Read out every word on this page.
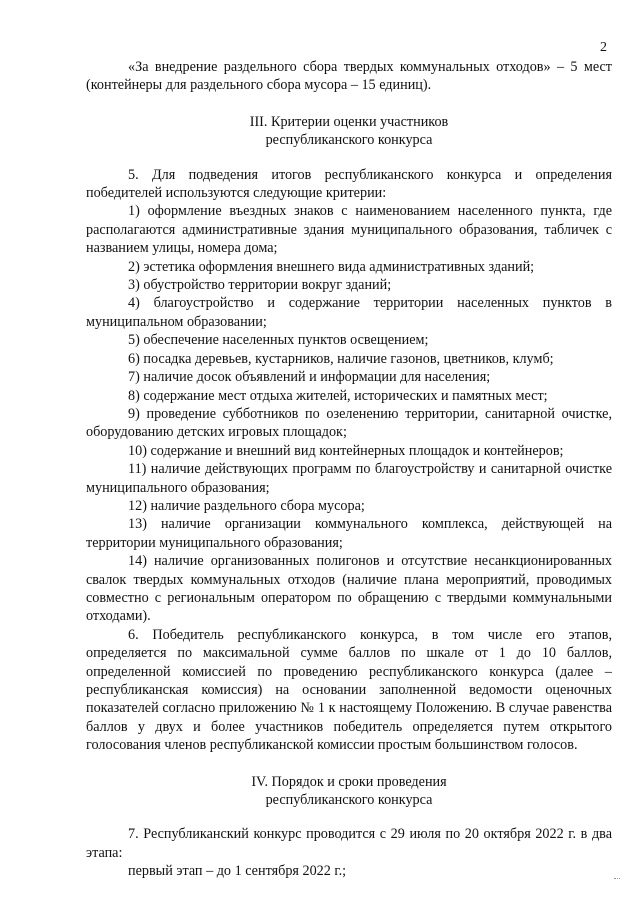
2

«За внедрение раздельного сбора твердых коммунальных отходов» – 5 мест (контейнеры для раздельного сбора мусора – 15 единиц).

III. Критерии оценки участников
республиканского конкурса

5. Для подведения итогов республиканского конкурса и определения победителей используются следующие критерии:

1) оформление въездных знаков с наименованием населенного пункта, где располагаются административные здания муниципального образования, табличек с названием улицы, номера дома;

2) эстетика оформления внешнего вида административных зданий;

3) обустройство территории вокруг зданий;

4) благоустройство и содержание территории населенных пунктов в муниципальном образовании;

5) обеспечение населенных пунктов освещением;

6) посадка деревьев, кустарников, наличие газонов, цветников, клумб;

7) наличие досок объявлений и информации для населения;

8) содержание мест отдыха жителей, исторических и памятных мест;

9) проведение субботников по озеленению территории, санитарной очистке, оборудованию детских игровых площадок;

10) содержание и внешний вид контейнерных площадок и контейнеров;

11) наличие действующих программ по благоустройству и санитарной очистке муниципального образования;

12) наличие раздельного сбора мусора;

13) наличие организации коммунального комплекса, действующей на территории муниципального образования;

14) наличие организованных полигонов и отсутствие несанкционированных свалок твердых коммунальных отходов (наличие плана мероприятий, проводимых совместно с региональным оператором по обращению с твердыми коммунальными отходами).

6. Победитель республиканского конкурса, в том числе его этапов, определяется по максимальной сумме баллов по шкале от 1 до 10 баллов, определенной комиссией по проведению республиканского конкурса (далее – республиканская комиссия) на основании заполненной ведомости оценочных показателей согласно приложению № 1 к настоящему Положению. В случае равенства баллов у двух и более участников победитель определяется путем открытого голосования членов республиканской комиссии простым большинством голосов.

IV. Порядок и сроки проведения
республиканского конкурса

7. Республиканский конкурс проводится с 29 июля по 20 октября 2022 г. в два этапа:

первый этап – до 1 сентября 2022 г.;
